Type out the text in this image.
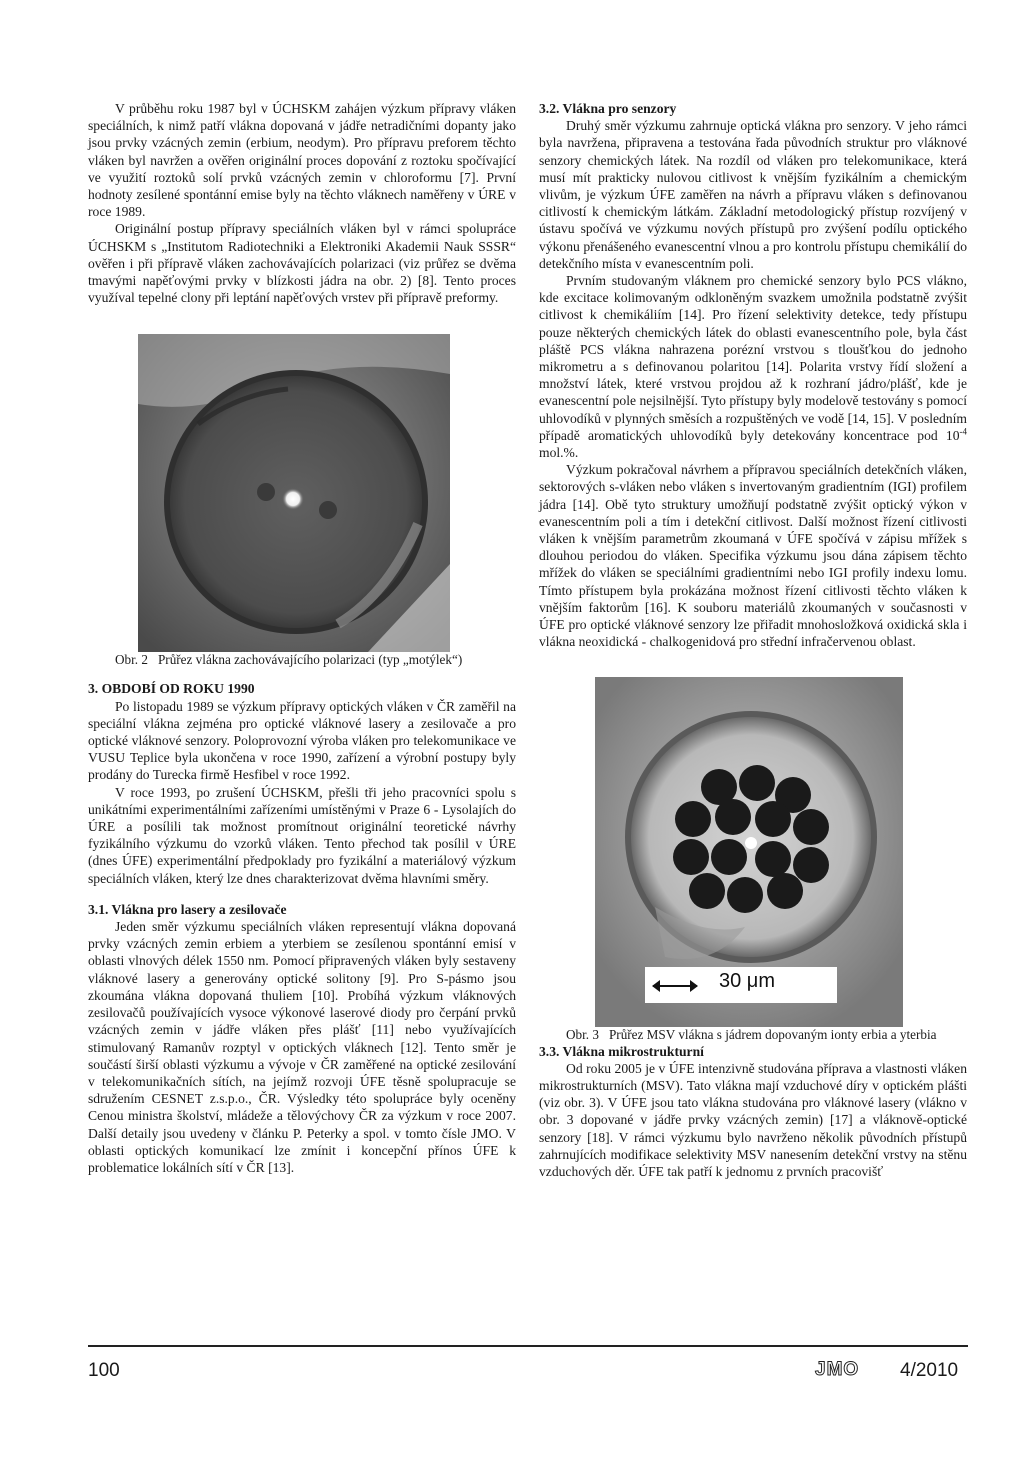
V průběhu roku 1987 byl v ÚCHSKM zahájen výzkum přípravy vláken speciálních, k nimž patří vlákna dopovaná v jádře netradičními dopanty jako jsou prvky vzácných zemin (erbium, neodym). Pro přípravu preforem těchto vláken byl navržen a ověřen originální proces dopování z roztoku spočívající ve využití roztoků solí prvků vzácných zemin v chloroformu [7]. První hodnoty zesílené spontánní emise byly na těchto vláknech naměřeny v ÚRE v roce 1989.

Originální postup přípravy speciálních vláken byl v rámci spolupráce ÚCHSKM s „Institutom Radiotechniki a Elektroniki Akademii Nauk SSSR“ ověřen i při přípravě vláken zachovávajících polarizaci (viz průřez se dvěma tmavými napěťovými prvky v blízkosti jádra na obr. 2) [8]. Tento proces využíval tepelné clony při leptání napěťových vrstev při přípravě preformy.

Obr. 2 Průřez vlákna zachovávajícího polarizaci (typ „motýlek“)

3. OBDOBÍ OD ROKU 1990

Po listopadu 1989 se výzkum přípravy optických vláken v ČR zaměřil na speciální vlákna zejména pro optické vláknové lasery a zesilovače a pro optické vláknové senzory. Poloprovozní výroba vláken pro telekomunikace ve VUSU Teplice byla ukončena v roce 1990, zařízení a výrobní postupy byly prodány do Turecka firmě Hesfibel v roce 1992.

V roce 1993, po zrušení ÚCHSKM, přešli tři jeho pracovníci spolu s unikátními experimentálními zařízeními umístěnými v Praze 6 - Lysolajích do ÚRE a posílili tak možnost promítnout originální teoretické návrhy fyzikálního výzkumu do vzorků vláken. Tento přechod tak posílil v ÚRE (dnes ÚFE) experimentální předpoklady pro fyzikální a materiálový výzkum speciálních vláken, který lze dnes charakterizovat dvěma hlavními směry.

3.1. Vlákna pro lasery a zesilovače

Jeden směr výzkumu speciálních vláken representují vlákna dopovaná prvky vzácných zemin erbiem a yterbiem se zesílenou spontánní emisí v oblasti vlnových délek 1550 nm. Pomocí připravených vláken byly sestaveny vláknové lasery a generovány optické solitony [9]. Pro S-pásmo jsou zkoumána vlákna dopovaná thuliem [10]. Probíhá výzkum vláknových zesilovačů používajících vysoce výkonové laserové diody pro čerpání prvků vzácných zemin v jádře vláken přes plášť [11] nebo využívajících stimulovaný Ramanův rozptyl v optických vláknech [12]. Tento směr je součástí širší oblasti výzkumu a vývoje v ČR zaměřené na optické zesilování v telekomunikačních sítích, na jejímž rozvoji ÚFE těsně spolupracuje se sdružením CESNET z.s.p.o., ČR. Výsledky této spolupráce byly oceněny Cenou ministra školství, mládeže a tělovýchovy ČR za výzkum v roce 2007. Další detaily jsou uvedeny v článku P. Peterky a spol. v tomto čísle JMO. V oblasti optických komunikací lze zmínit i koncepční přínos ÚFE k problematice lokálních sítí v ČR [13].

3.2. Vlákna pro senzory

Druhý směr výzkumu zahrnuje optická vlákna pro senzory. V jeho rámci byla navržena, připravena a testována řada původních struktur pro vláknové senzory chemických látek. Na rozdíl od vláken pro telekomunikace, která musí mít prakticky nulovou citlivost k vnějším fyzikálním a chemickým vlivům, je výzkum ÚFE zaměřen na návrh a přípravu vláken s definovanou citlivostí k chemickým látkám. Základní metodologický přístup rozvíjený v ústavu spočívá ve výzkumu nových přístupů pro zvýšení podílu optického výkonu přenášeného evanescentní vlnou a pro kontrolu přístupu chemikálií do detekčního místa v evanescentním poli.

Prvním studovaným vláknem pro chemické senzory bylo PCS vlákno, kde excitace kolimovaným odkloněným svazkem umožnila podstatně zvýšit citlivost k chemikáliím [14]. Pro řízení selektivity detekce, tedy přístupu pouze některých chemických látek do oblasti evanescentního pole, byla část pláště PCS vlákna nahrazena porézní vrstvou s tloušťkou do jednoho mikrometru a s definovanou polaritou [14]. Polarita vrstvy řídí složení a množství látek, které vrstvou projdou až k rozhraní jádro/plášť, kde je evanescentní pole nejsilnější. Tyto přístupy byly modelově testovány s pomocí uhlovodíků v plynných směsích a rozpuštěných ve vodě [14, 15]. V posledním případě aromatických uhlovodíků byly detekovány koncentrace pod $10^{-4}$ mol.%.

Výzkum pokračoval návrhem a přípravou speciálních detekčních vláken, sektorových s-vláken nebo vláken s invertovaným gradientním (IGI) profilem jádra [14]. Obě tyto struktury umožňují podstatně zvýšit optický výkon v evanescentním poli a tím i detekční citlivost. Další možnost řízení citlivosti vláken k vnějším parametrům zkoumaná v ÚFE spočívá v zápisu mřížek s dlouhou periodou do vláken. Specifika výzkumu jsou dána zápisem těchto mřížek do vláken se speciálními gradientními nebo IGI profily indexu lomu. Tímto přístupem byla prokázána možnost řízení citlivosti těchto vláken k vnějším faktorům [16]. K souboru materiálů zkoumaných v současnosti v ÚFE pro optické vláknové senzory lze přiřadit mnohosložková oxidická skla i vlákna neoxidická - chalkogenidová pro střední infračervenou oblast.

30 μm

Obr. 3 Průřez MSV vlákna s jádrem dopovaným ionty erbia a yterbia

3.3. Vlákna mikrostrukturní

Od roku 2005 je v ÚFE intenzivně studována příprava a vlastnosti vláken mikrostrukturních (MSV). Tato vlákna mají vzduchové díry v optickém plášti (viz obr. 3). V ÚFE jsou tato vlákna studována pro vláknové lasery (vlákno v obr. 3 dopované v jádře prvky vzácných zemin) [17] a vláknově-optické senzory [18]. V rámci výzkumu bylo navrženo několik původních přístupů zahrnujících modifikace selektivity MSV nanesením detekční vrstvy na stěnu vzduchových děr. ÚFE tak patří k jednomu z prvních pracovišť

100	JMO 4/2010
